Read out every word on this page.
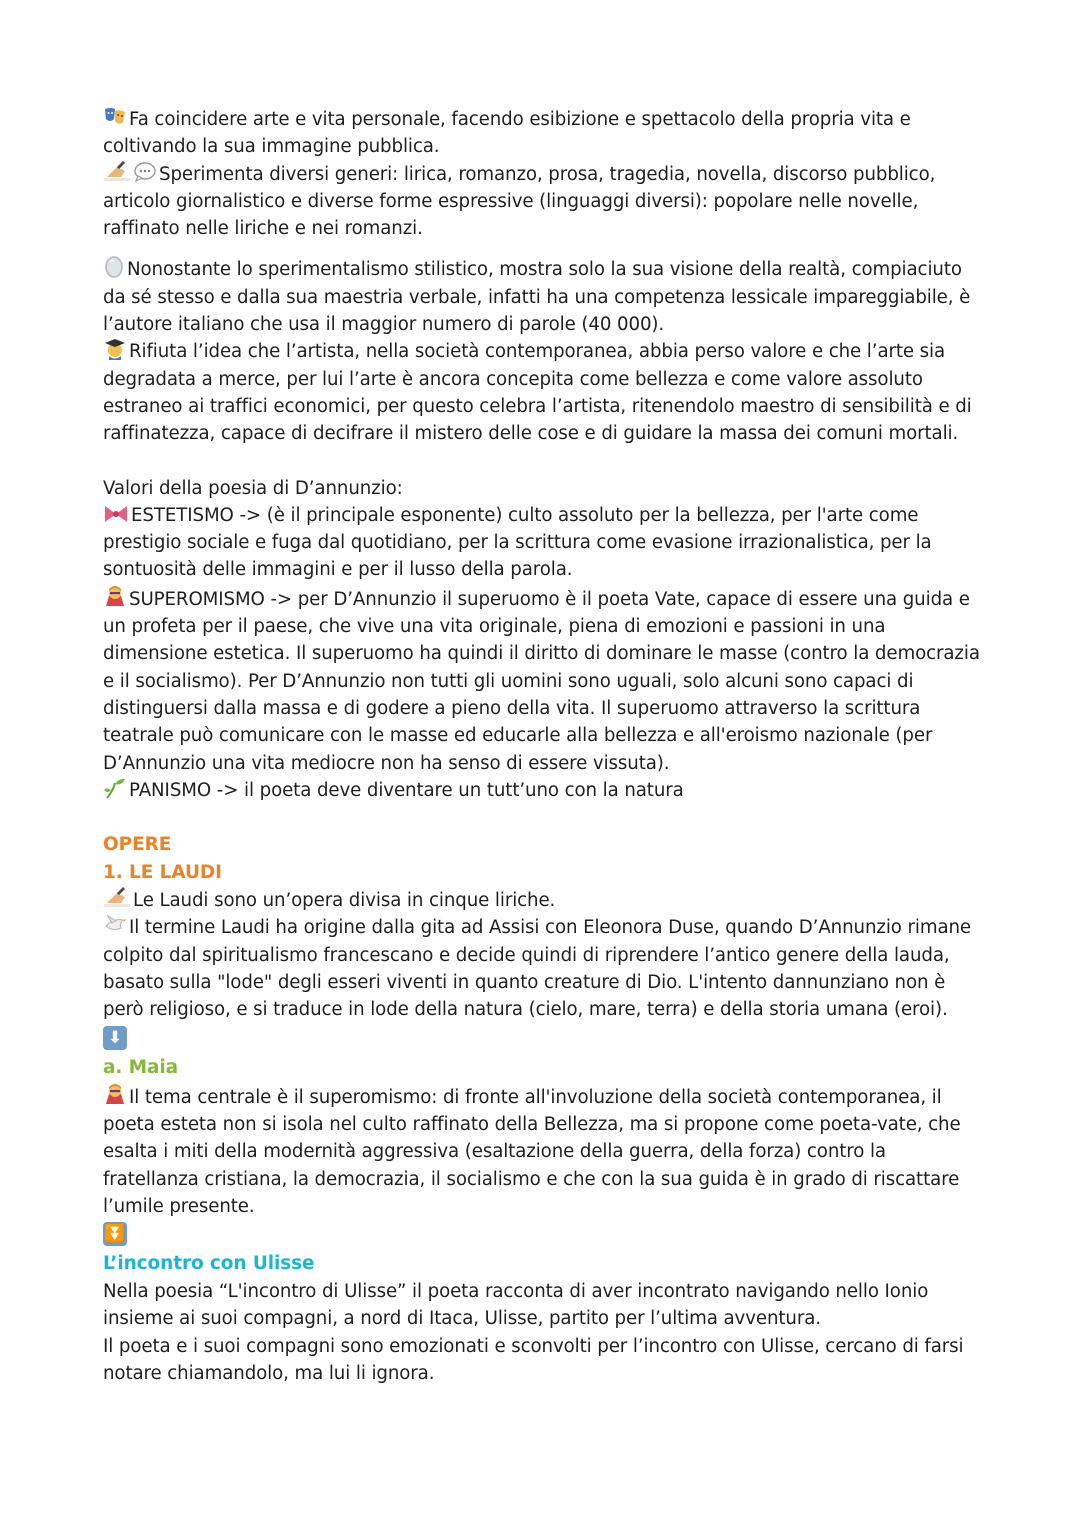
Fa coincidere arte e vita personale, facendo esibizione e spettacolo della propria vita e coltivando la sua immagine pubblica.

Sperimenta diversi generi: lirica, romanzo, prosa, tragedia, novella, discorso pubblico, articolo giornalistico e diverse forme espressive (linguaggi diversi): popolare nelle novelle, raffinato nelle liriche e nei romanzi.

Nonostante lo sperimentalismo stilistico, mostra solo la sua visione della realtà, compiaciuto da sé stesso e dalla sua maestria verbale, infatti ha una competenza lessicale impareggiabile, è l’autore italiano che usa il maggior numero di parole (40 000).

Rifiuta l’idea che l’artista, nella società contemporanea, abbia perso valore e che l’arte sia degradata a merce, per lui l’arte è ancora concepita come bellezza e come valore assoluto estraneo ai traffici economici, per questo celebra l’artista, ritenendolo maestro di sensibilità e di raffinatezza, capace di decifrare il mistero delle cose e di guidare la massa dei comuni mortali.

Valori della poesia di D’annunzio:

ESTETISMO -> (è il principale esponente) culto assoluto per la bellezza, per l'arte come prestigio sociale e fuga dal quotidiano, per la scrittura come evasione irrazionalistica, per la sontuosità delle immagini e per il lusso della parola.

SUPEROMISMO -> per D’Annunzio il superuomo è il poeta Vate, capace di essere una guida e un profeta per il paese, che vive una vita originale, piena di emozioni e passioni in una dimensione estetica. Il superuomo ha quindi il diritto di dominare le masse (contro la democrazia e il socialismo). Per D’Annunzio non tutti gli uomini sono uguali, solo alcuni sono capaci di distinguersi dalla massa e di godere a pieno della vita. Il superuomo attraverso la scrittura teatrale può comunicare con le masse ed educarle alla bellezza e all'eroismo nazionale (per D’Annunzio una vita mediocre non ha senso di essere vissuta).

PANISMO -> il poeta deve diventare un tutt’uno con la natura

OPERE

1. LE LAUDI

Le Laudi sono un’opera divisa in cinque liriche.

Il termine Laudi ha origine dalla gita ad Assisi con Eleonora Duse, quando D’Annunzio rimane colpito dal spiritualismo francescano e decide quindi di riprendere l’antico genere della lauda, basato sulla "lode" degli esseri viventi in quanto creature di Dio. L'intento dannunziano non è però religioso, e si traduce in lode della natura (cielo, mare, terra) e della storia umana (eroi).

⬇

a. Maia

Il tema centrale è il superomismo: di fronte all'involuzione della società contemporanea, il poeta esteta non si isola nel culto raffinato della Bellezza, ma si propone come poeta-vate, che esalta i miti della modernità aggressiva (esaltazione della guerra, della forza) contro la fratellanza cristiana, la democrazia, il socialismo e che con la sua guida è in grado di riscattare l’umile presente.

⏬

L’incontro con Ulisse

Nella poesia “L'incontro di Ulisse” il poeta racconta di aver incontrato navigando nello Ionio insieme ai suoi compagni, a nord di Itaca, Ulisse, partito per l’ultima avventura.

Il poeta e i suoi compagni sono emozionati e sconvolti per l’incontro con Ulisse, cercano di farsi notare chiamandolo, ma lui li ignora.
